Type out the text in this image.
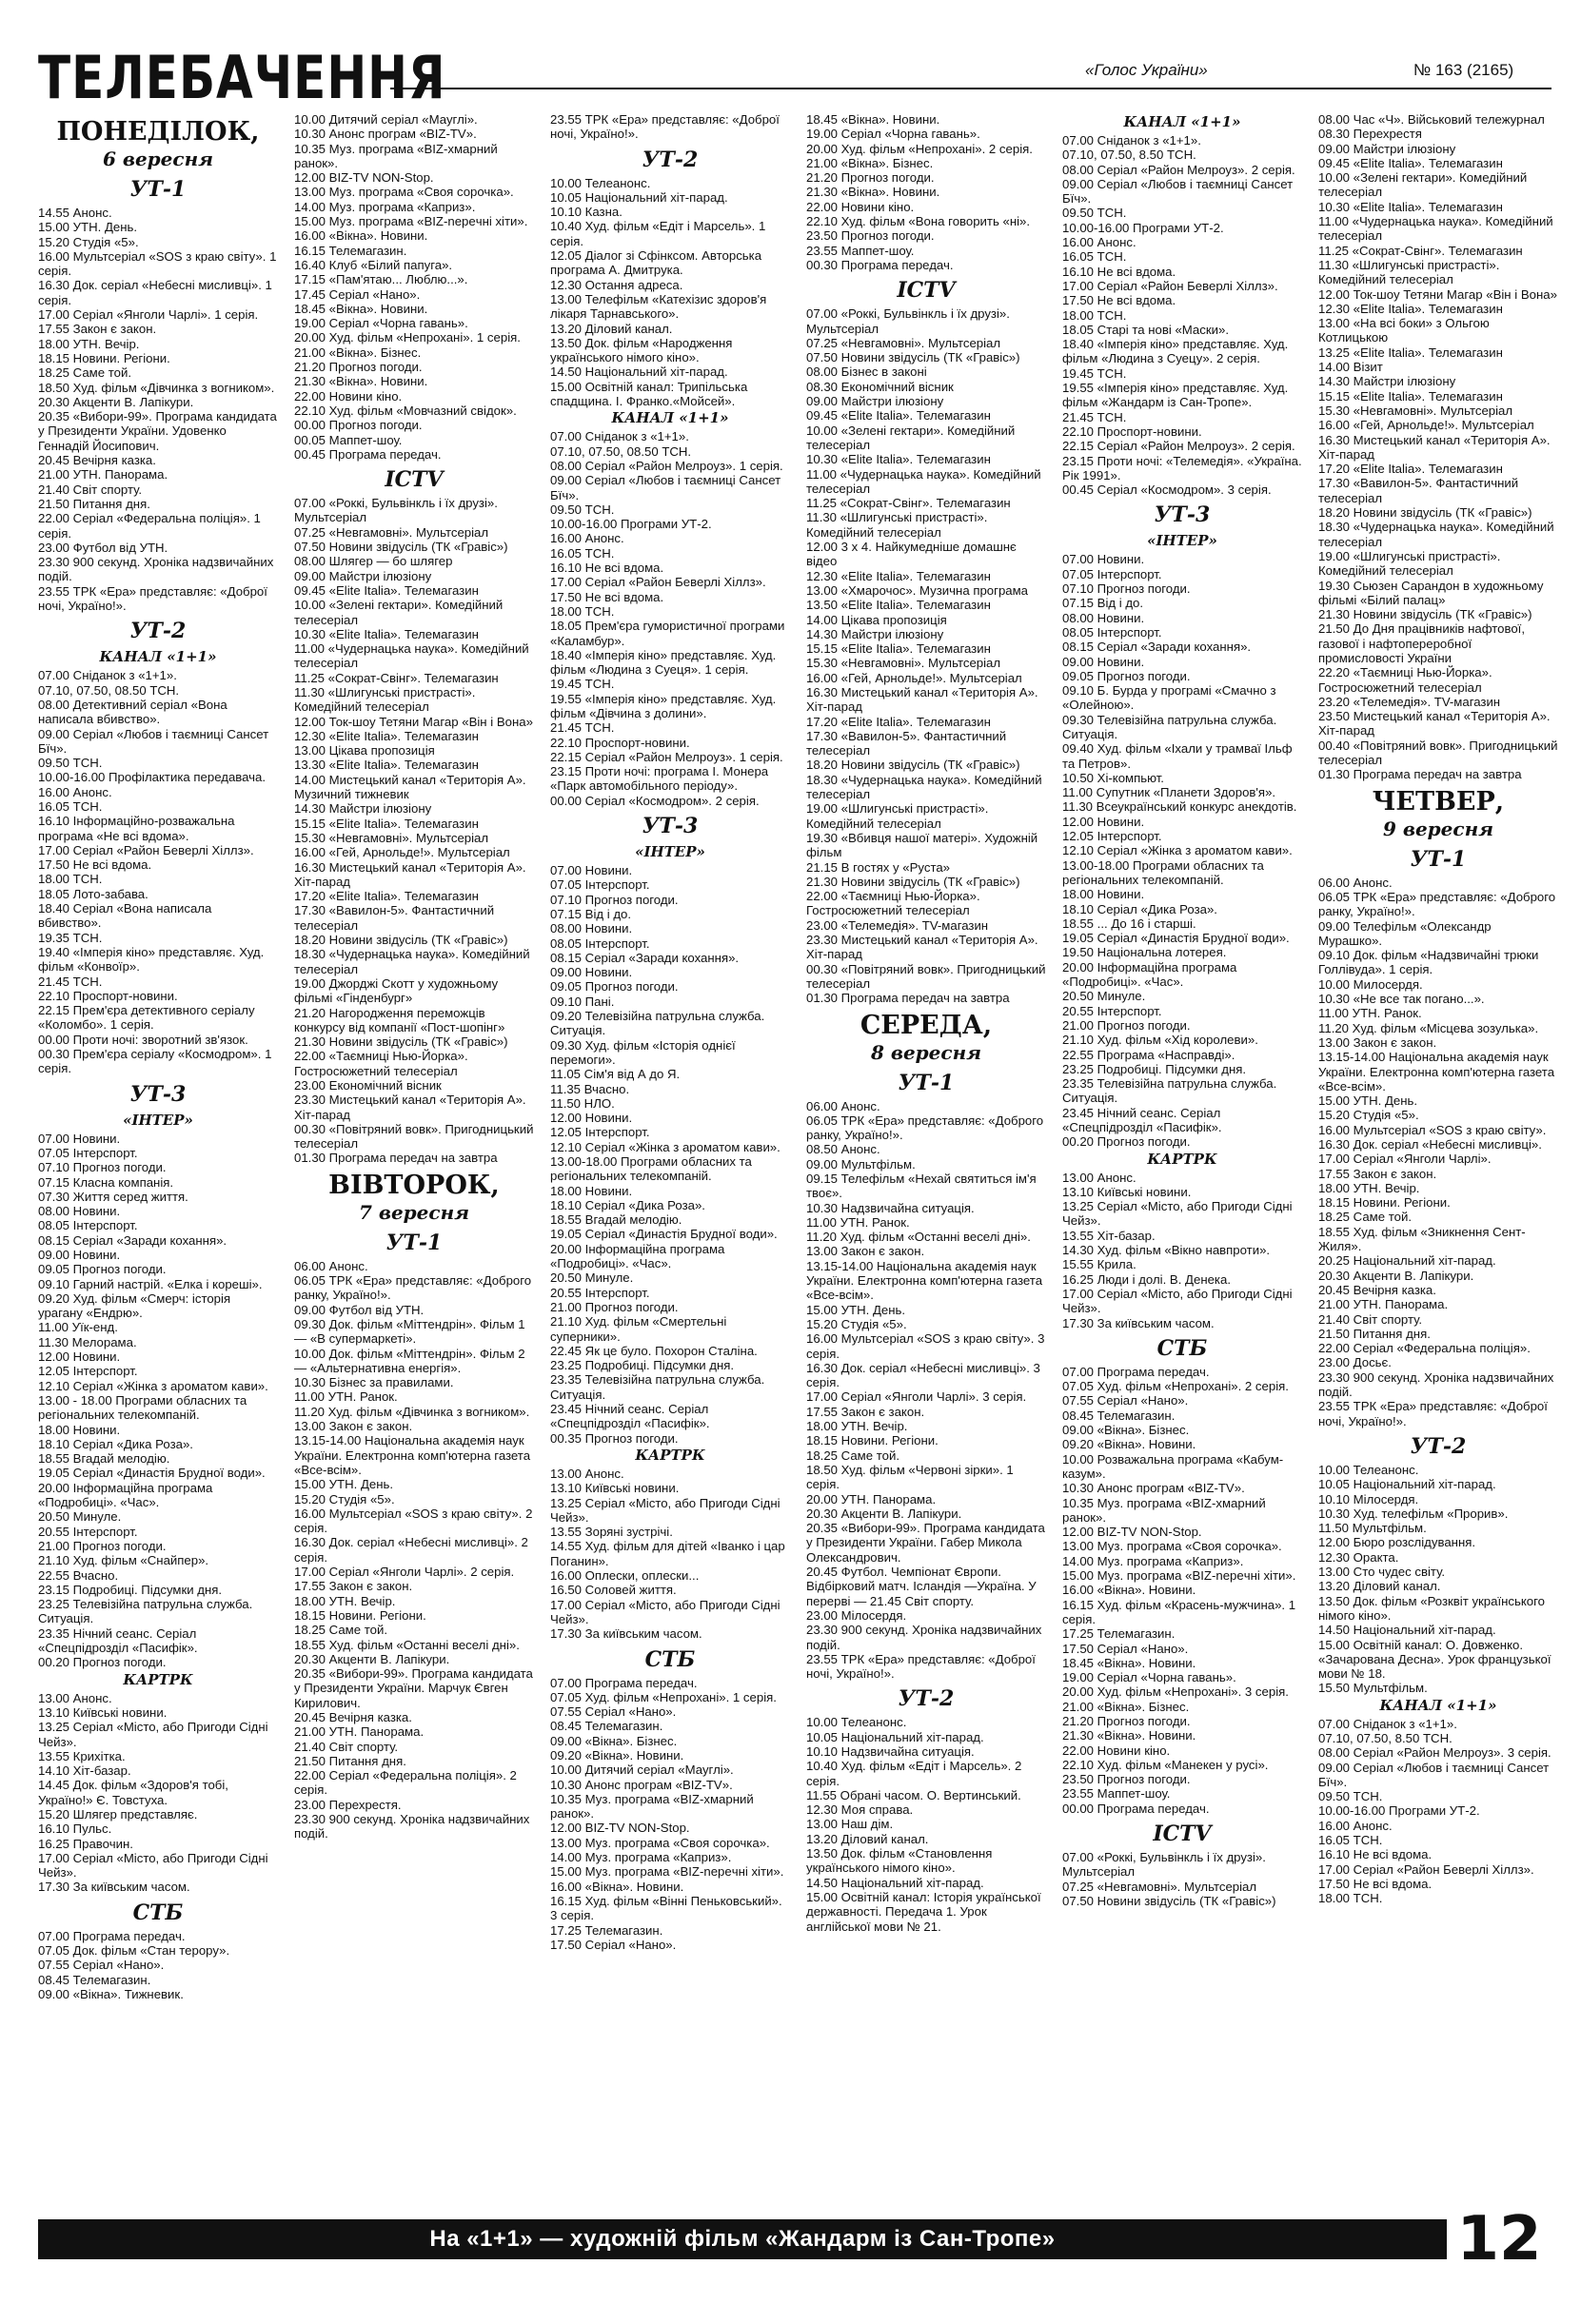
ТЕЛЕБАЧЕННЯ	«Голос України»	№ 163 (2165)
ПОНЕДІЛОК,
6 вересня
УТ-1
14.55 Анонс.
15.00 УТН. День.
15.20 Студія «5».
16.00 Мультсеріал «SOS з краю світу». 1 серія.
16.30 Док. серіал «Небесні мисливці». 1 серія.
17.00 Серіал «Янголи Чарлі». 1 серія.
17.55 Закон є закон.
18.00 УТН. Вечір.
18.15 Новини. Регіони.
18.25 Саме той.
18.50 Худ. фільм «Дівчинка з вогником».
20.30 Акценти В. Лапікури.
20.35 «Вибори-99». Програма кандидата у Президенти України. Удовенко Геннадій Йосипович.
20.45 Вечірня казка.
21.00 УТН. Панорама.
21.40 Світ спорту.
21.50 Питання дня.
22.00 Серіал «Федеральна поліція». 1 серія.
23.00 Футбол від УТН.
23.30 900 секунд. Хроніка надзвичайних подій.
23.55 ТРК «Ера» представляє: «Доброї ночі, Україно!».
УТ-2
КАНАЛ «1+1»
07.00 Сніданок з «1+1».
07.10, 07.50, 08.50 ТСН.
08.00 Детективний серіал «Вона написала вбивство».
09.00 Серіал «Любов і таємниці Сансет Бїч».
09.50 ТСН.
10.00-16.00 Профілактика передавача.
16.00 Анонс.
16.05 ТСН.
16.10 Інформаційно-розважальна програма «Не всі вдома».
17.00 Серіал «Район Беверлі Хіллз».
17.50 Не всі вдома.
18.00 ТСН.
18.05 Лото-забава.
18.40 Серіал «Вона написала вбивство».
19.35 ТСН.
19.40 «Імперія кіно» представляє. Худ. фільм «Конвоїр».
21.45 ТСН.
22.10 Проспорт-новини.
22.15 Прем'єра детективного серіалу «Коломбо». 1 серія.
00.00 Проти ночі: зворотний зв'язок.
00.30 Прем'єра серіалу «Космодром». 1 серія.
УТ-3
«ІНТЕР»
07.00 Новини.
07.05 Інтерспорт.
07.10 Прогноз погоди.
07.15 Класна компанія.
07.30 Життя серед життя.
08.00 Новини.
08.05 Інтерспорт.
08.15 Серіал «Заради кохання».
09.00 Новини.
09.05 Прогноз погоди.
09.10 Гарний настрій. «Елка і кореші».
09.20 Худ. фільм «Смерч: історія урагану «Ендрю».
11.00 Уїк-енд.
11.30 Мелорама.
12.00 Новини.
12.05 Інтерспорт.
12.10 Серіал «Жінка з ароматом кави».
13.00 - 18.00 Програми обласних та регіональних телекомпаній.
18.00 Новини.
18.10 Серіал «Дика Роза».
18.55 Вгадай мелодію.
19.05 Серіал «Династія Брудної води».
20.00 Інформаційна програма «Подробиці». «Час».
20.50 Минуле.
20.55 Інтерспорт.
21.00 Прогноз погоди.
21.10 Худ. фільм «Снайпер».
22.55 Вчасно.
23.15 Подробиці. Підсумки дня.
23.25 Телевізійна патрульна служба. Ситуація.
23.35 Нічний сеанс. Серіал «Спецпідрозділ «Пасифік».
00.20 Прогноз погоди.
КАРТРК
13.00 Анонс.
13.10 Київські новини.
13.25 Серіал «Місто, або Пригоди Сідні Чейз».
13.55 Крихітка.
14.10 Хіт-базар.
14.45 Док. фільм «Здоров'я тобі, Україно!» Є. Товстуха.
15.20 Шлягер представляє.
16.10 Пульс.
16.25 Правочин.
17.00 Серіал «Місто, або Пригоди Сідні Чейз».
17.30 За київським часом.
СТБ
07.00 Програма передач.
07.05 Док. фільм «Стан терору».
07.55 Серіал «Нано».
08.45 Телемагазин.
09.00 «Вікна». Тижневик.
10.00 Дитячий серіал «Мауглі».
10.30 Анонс програм «BIZ-TV».
10.35 Муз. програма «BIZ-хмарний ранок».
12.00 BIZ-TV NON-Stop.
13.00 Муз. програма «Своя сорочка».
14.00 Муз. програма «Каприз».
15.00 Муз. програма «BIZ-nepeчні хіти».
16.00 «Вікна». Новини.
16.15 Телемагазин.
16.40 Клуб «Білий папуга».
17.15 «Пам'ятаю... Люблю...».
17.45 Серіал «Нано».
18.45 «Вікна». Новини.
19.00 Серіал «Чорна гавань».
20.00 Худ. фільм «Непрохані». 1 серія.
21.00 «Вікна». Бізнес.
21.20 Прогноз погоди.
21.30 «Вікна». Новини.
22.00 Новини кіно.
22.10 Худ. фільм «Мовчазний свідок».
00.00 Прогноз погоди.
00.05 Маппет-шоу.
00.45 Програма передач.
ICTV
07.00 «Роккі, Бульвінкль і їх друзі». Мультсеріал
07.25 «Невгамовні». Мультсеріал
07.50 Новини звідусіль (ТК «Гравіс»)
08.00 Шлягер — бо шлягер
09.00 Майстри ілюзіону
09.45 «Elite Italia». Телемагазин
10.00 «Зелені гектари». Комедійний телесеріал
10.30 «Elite Italia». Телемагазин
11.00 «Чудернацька наука». Комедійний телесеріал
11.25 «Сократ-Свінг». Телемагазин
11.30 «Шлигунські пристрасті». Комедійний телесеріал
12.00 Ток-шоу Тетяни Магар «Він і Вона»
12.30 «Elite Italia». Телемагазин
13.00 Цікава пропозиція
13.30 «Elite Italia». Телемагазин
14.00 Мистецький канал «Територія А». Музичний тижневик
14.30 Майстри ілюзіону
15.15 «Elite Italia». Телемагазин
15.30 «Невгамовні». Мультсеріал
16.00 «Гей, Арнольде!». Мультсеріал
16.30 Мистецький канал «Територія А». Хіт-парад
17.20 «Elite Italia». Телемагазин
17.30 «Вавилон-5». Фантастичний телесеріал
18.20 Новини звідусіль (ТК «Гравіс»)
18.30 «Чудернацька наука». Комедійний телесеріал
19.00 Джорджі Скотт у художньому фільмі «Гінденбург»
21.20 Нагородження переможців конкурсу від компанії «Пост-шопінг»
21.30 Новини звідусіль (ТК «Гравіс»)
22.00 «Таємниці Нью-Йорка». Гостросюжетний телесеріал
23.00 Економічний вісник
23.30 Мистецький канал «Територія А». Хіт-парад
00.30 «Повітряний вовк». Пригодницький телесеріал
01.30 Програма передач на завтра
ВІВТОРОК,
7 вересня
УТ-1
06.00 Анонс.
06.05 ТРК «Ера» представляє: «Доброго ранку, Україно!».
09.00 Футбол від УТН.
09.30 Док. фільм «Міттендрін». Фільм 1 — «В супермаркеті».
10.00 Док. фільм «Міттендрін». Фільм 2 — «Альтернативна енергія».
10.30 Бізнес за правилами.
11.00 УТН. Ранок.
11.20 Худ. фільм «Дівчинка з вогником».
13.00 Закон є закон.
13.15-14.00 Національна академія наук України. Електронна комп'ютерна газета «Все-всім».
15.00 УТН. День.
15.20 Студія «5».
16.00 Мультсеріал «SOS з краю світу». 2 серія.
16.30 Док. серіал «Небесні мисливці». 2 серія.
17.00 Серіал «Янголи Чарлі». 2 серія.
17.55 Закон є закон.
18.00 УТН. Вечір.
18.15 Новини. Регіони.
18.25 Саме той.
18.55 Худ. фільм «Останні веселі дні».
20.30 Акценти В. Лапікури.
20.35 «Вибори-99». Програма кандидата у Президенти України. Марчук Євген Кирилович.
20.45 Вечірня казка.
21.00 УТН. Панорама.
21.40 Світ спорту.
21.50 Питання дня.
22.00 Серіал «Федеральна поліція». 2 серія.
23.00 Перехрестя.
23.30 900 секунд. Хроніка надзвичайних подій.
23.55 ТРК «Ера» представляє: «Доброї ночі, Україно!».
УТ-2
10.00 Телеанонс.
10.05 Національний хіт-парад.
10.10 Казна.
10.40 Худ. фільм «Едіт і Марсель». 1 серія.
12.05 Діалог зі Сфінксом. Авторська програма А. Дмитрука.
12.30 Остання адреса.
13.00 Телефільм «Катехізис здоров'я лікаря Тарнавського».
13.20 Діловий канал.
13.50 Док. фільм «Народження українського німого кіно».
14.50 Національний хіт-парад.
15.00 Освітній канал: Трипільська спадщина. І. Франко.«Мойсей».
КАНАЛ «1+1»
07.00 Сніданок з «1+1».
07.10, 07.50, 08.50 ТСН.
08.00 Серіал «Район Мелроуз». 1 серія.
09.00 Серіал «Любов і таємниці Сансет Бїч».
09.50 ТСН.
10.00-16.00 Програми УТ-2.
16.00 Анонс.
16.05 ТСН.
16.10 Не всі вдома.
17.00 Серіал «Район Беверлі Хіллз».
17.50 Не всі вдома.
18.00 ТСН.
18.05 Прем'єра гумористичної програми «Каламбур».
18.40 «Імперія кіно» представляє. Худ. фільм «Людина з Суеця». 1 серія.
19.45 ТСН.
19.55 «Імперія кіно» представляє. Худ. фільм «Дівчина з долини».
21.45 ТСН.
22.10 Проспорт-новини.
22.15 Серіал «Район Мелроуз». 1 серія.
23.15 Проти ночі: програма І. Монера «Парк автомобільного періоду».
00.00 Серіал «Космодром». 2 серія.
УТ-3
«ІНТЕР»
07.00 Новини.
07.05 Інтерспорт.
07.10 Прогноз погоди.
07.15 Від і до.
08.00 Новини.
08.05 Інтерспорт.
08.15 Серіал «Заради кохання».
09.00 Новини.
09.05 Прогноз погоди.
09.10 Пані.
09.20 Телевізійна патрульна служба. Ситуація.
09.30 Худ. фільм «Історія однієї перемоги».
11.05 Сім'я від А до Я.
11.35 Вчасно.
11.50 НЛО.
12.00 Новини.
12.05 Інтерспорт.
12.10 Серіал «Жінка з ароматом кави».
13.00-18.00 Програми обласних та регіональних телекомпаній.
18.00 Новини.
18.10 Серіал «Дика Роза».
18.55 Вгадай мелодію.
19.05 Серіал «Династія Брудної води».
20.00 Інформаційна програма «Подробиці». «Час».
20.50 Минуле.
20.55 Інтерспорт.
21.00 Прогноз погоди.
21.10 Худ. фільм «Смертельні суперники».
22.45 Як це було. Похорон Сталіна.
23.25 Подробиці. Підсумки дня.
23.35 Телевізійна патрульна служба. Ситуація.
23.45 Нічний сеанс. Серіал «Спецпідрозділ «Пасифік».
00.35 Прогноз погоди.
КАРТРК
13.00 Анонс.
13.10 Київські новини.
13.25 Серіал «Місто, або Пригоди Сідні Чейз».
13.55 Зоряні зустрічі.
14.55 Худ. фільм для дітей «Іванко і цар Поганин».
16.00 Оплески, оплески...
16.50 Соловей життя.
17.00 Серіал «Місто, або Пригоди Сідні Чейз».
17.30 За київським часом.
СТБ
07.00 Програма передач.
07.05 Худ. фільм «Непрохані». 1 серія.
07.55 Серіал «Нано».
08.45 Телемагазин.
09.00 «Вікна». Бізнес.
09.20 «Вікна». Новини.
10.00 Дитячий серіал «Мауглі».
10.30 Анонс програм «BIZ-TV».
10.35 Муз. програма «BIZ-хмарний ранок».
12.00 BIZ-TV NON-Stop.
13.00 Муз. програма «Своя сорочка».
14.00 Муз. програма «Каприз».
15.00 Муз. програма «BIZ-nepeчні хіти».
16.00 «Вікна». Новини.
16.15 Худ. фільм «Вінні Пеньковський». 3 серія.
17.25 Телемагазин.
17.50 Серіал «Нано».
18.45 «Вікна». Новини.
19.00 Серіал «Чорна гавань».
20.00 Худ. фільм «Непрохані». 2 серія.
21.00 «Вікна». Бізнес.
21.20 Прогноз погоди.
21.30 «Вікна». Новини.
22.00 Новини кіно.
22.10 Худ. фільм «Вона говорить «ні».
23.50 Прогноз погоди.
23.55 Маппет-шоу.
00.30 Програма передач.
ICTV
07.00 «Роккі, Бульвінкль і їх друзі». Мультсеріал
07.25 «Невгамовні». Мультсеріал
07.50 Новини звідусіль (ТК «Гравіс»)
08.00 Бізнес в законі
08.30 Економічний вісник
09.00 Майстри ілюзіону
09.45 «Elite Italia». Телемагазин
10.00 «Зелені гектари». Комедійний телесеріал
10.30 «Elite Italia». Телемагазин
11.00 «Чудернацька наука». Комедійний телесеріал
11.25 «Сократ-Свінг». Телемагазин
11.30 «Шлигунські пристрасті». Комедійний телесеріал
12.00 3 х 4. Найкумедніше домашнє відео
12.30 «Elite Italia». Телемагазин
13.00 «Хмарочос». Музична програма
13.50 «Elite Italia». Телемагазин
14.00 Цікава пропозиція
14.30 Майстри ілюзіону
15.15 «Elite Italia». Телемагазин
15.30 «Невгамовні». Мультсеріал
16.00 «Гей, Арнольде!». Мультсеріал
16.30 Мистецький канал «Територія А». Хіт-парад
17.20 «Elite Italia». Телемагазин
17.30 «Вавилон-5». Фантастичний телесеріал
18.20 Новини звідусіль (ТК «Гравіс»)
18.30 «Чудернацька наука». Комедійний телесеріал
19.00 «Шлигунські пристрасті». Комедійний телесеріал
19.30 «Вбивця нашої матері». Художній фільм
21.15 В гостях у «Руста»
21.30 Новини звідусіль (ТК «Гравіс»)
22.00 «Таємниці Нью-Йорка». Гостросюжетний телесеріал
23.00 «Телемедія». TV-магазин
23.30 Мистецький канал «Територія А». Хіт-парад
00.30 «Повітряний вовк». Пригодницький телесеріал
01.30 Програма передач на завтра
СЕРЕДА,
8 вересня
УТ-1
06.00 Анонс.
06.05 ТРК «Ера» представляє: «Доброго ранку, Україно!».
08.50 Анонс.
09.00 Мультфільм.
09.15 Телефільм «Нехай святиться ім'я твоє».
10.30 Надзвичайна ситуація.
11.00 УТН. Ранок.
11.20 Худ. фільм «Останні веселі дні».
13.00 Закон є закон.
13.15-14.00 Національна академія наук України. Електронна комп'ютерна газета «Все-всім».
15.00 УТН. День.
15.20 Студія «5».
16.00 Мультсеріал «SOS з краю світу». 3 серія.
16.30 Док. серіал «Небесні мисливці». 3 серія.
17.00 Серіал «Янголи Чарлі». 3 серія.
17.55 Закон є закон.
18.00 УТН. Вечір.
18.15 Новини. Регіони.
18.25 Саме той.
18.50 Худ. фільм «Червоні зірки». 1 серія.
20.00 УТН. Панорама.
20.30 Акценти В. Лапікури.
20.35 «Вибори-99». Програма кандидата у Президенти України. Габер Микола Олександрович.
20.45 Футбол. Чемпіонат Європи. Відбірковий матч. Ісландія —Україна. У перерві — 21.45 Світ спорту.
23.00 Мілосердя.
23.30 900 секунд. Хроніка надзвичайних подій.
23.55 ТРК «Ера» представляє: «Доброї ночі, Україно!».
УТ-2
10.00 Телеанонс.
10.05 Національний хіт-парад.
10.10 Надзвичайна ситуація.
10.40 Худ. фільм «Едіт і Марсель». 2 серія.
11.55 Обрані часом. О. Вертинський.
12.30 Моя справа.
13.00 Наш дім.
13.20 Діловий канал.
13.50 Док. фільм «Становлення українського німого кіно».
14.50 Національний хіт-парад.
15.00 Освітній канал: Історія української державності. Передача 1. Урок англійської мови № 21.
КАНАЛ «1+1»
07.00 Сніданок з «1+1».
07.10, 07.50, 8.50 ТСН.
08.00 Серіал «Район Мелроуз». 2 серія.
09.00 Серіал «Любов і таємниці Сансет Бїч».
09.50 ТСН.
10.00-16.00 Програми УТ-2.
16.00 Анонс.
16.05 ТСН.
16.10 Не всі вдома.
17.00 Серіал «Район Беверлі Хіллз».
17.50 Не всі вдома.
18.00 ТСН.
18.05 Старі та нові «Маски».
18.40 «Імперія кіно» представляє. Худ. фільм «Людина з Суецу». 2 серія.
19.45 ТСН.
19.55 «Імперія кіно» представляє. Худ. фільм «Жандарм із Сан-Тропе».
21.45 ТСН.
22.10 Проспорт-новини.
22.15 Серіал «Район Мелроуз». 2 серія.
23.15 Проти ночі: «Телемедія». «Україна. Рік 1991».
00.45 Серіал «Космодром». 3 серія.
УТ-3
«ІНТЕР»
07.00 Новини.
07.05 Інтерспорт.
07.10 Прогноз погоди.
07.15 Від і до.
08.00 Новини.
08.05 Інтерспорт.
08.15 Серіал «Заради кохання».
09.00 Новини.
09.05 Прогноз погоди.
09.10 Б. Бурда у програмі «Смачно з «Олейною».
09.30 Телевізійна патрульна служба. Ситуація.
09.40 Худ. фільм «Іхали у трамваї Ільф та Петров».
10.50 Хі-компьют.
11.00 Супутник «Планети Здоров'я».
11.30 Всеукраїнський конкурс анекдотів.
12.00 Новини.
12.05 Інтерспорт.
12.10 Серіал «Жінка з ароматом кави».
13.00-18.00 Програми обласних та регіональних телекомпаній.
18.00 Новини.
18.10 Серіал «Дика Роза».
18.55 ... До 16 і старші.
19.05 Серіал «Династія Брудної води».
19.50 Національна лотерея.
20.00 Інформаційна програма «Подробиці». «Час».
20.50 Минуле.
20.55 Інтерспорт.
21.00 Прогноз погоди.
21.10 Худ. фільм «Хід королеви».
22.55 Програма «Насправді».
23.25 Подробиці. Підсумки дня.
23.35 Телевізійна патрульна служба. Ситуація.
23.45 Нічний сеанс. Серіал «Спецпідрозділ «Пасифік».
00.20 Прогноз погоди.
КАРТРК
13.00 Анонс.
13.10 Київські новини.
13.25 Серіал «Місто, або Пригоди Сідні Чейз».
13.55 Хіт-базар.
14.30 Худ. фільм «Вікно навпроти».
15.55 Крила.
16.25 Люди і долі. В. Денека.
17.00 Серіал «Місто, або Пригоди Сідні Чейз».
17.30 За київським часом.
СТБ
07.00 Програма передач.
07.05 Худ. фільм «Непрохані». 2 серія.
07.55 Серіал «Нано».
08.45 Телемагазин.
09.00 «Вікна». Бізнес.
09.20 «Вікна». Новини.
10.00 Розважальна програма «Кабум-казум».
10.30 Анонс програм «BIZ-TV».
10.35 Муз. програма «BIZ-хмарний ранок».
12.00 BIZ-TV NON-Stop.
13.00 Муз. програма «Своя сорочка».
14.00 Муз. програма «Каприз».
15.00 Муз. програма «BIZ-nepeчні хіти».
16.00 «Вікна». Новини.
16.15 Худ. фільм «Красень-мужчина». 1 серія.
17.25 Телемагазин.
17.50 Серіал «Нано».
18.45 «Вікна». Новини.
19.00 Серіал «Чорна гавань».
20.00 Худ. фільм «Непрохані». 3 серія.
21.00 «Вікна». Бізнес.
21.20 Прогноз погоди.
21.30 «Вікна». Новини.
22.00 Новини кіно.
22.10 Худ. фільм «Манекен у русі».
23.50 Прогноз погоди.
23.55 Маппет-шоу.
00.00 Програма передач.
ICTV
07.00 «Роккі, Бульвінкль і їх друзі». Мультсеріал
07.25 «Невгамовні». Мультсеріал
07.50 Новини звідусіль (ТК «Гравіс»)
08.00 Час «Ч». Військовий тележурнал
08.30 Перехрестя
09.00 Майстри ілюзіону
09.45 «Elite Italia». Телемагазин
10.00 «Зелені гектари». Комедійний телесеріал
10.30 «Elite Italia». Телемагазин
11.00 «Чудернацька наука». Комедійний телесеріал
11.25 «Сократ-Свінг». Телемагазин
11.30 «Шлигунські пристрасті». Комедійний телесеріал
12.00 Ток-шоу Тетяни Магар «Він і Вона»
12.30 «Elite Italia». Телемагазин
13.00 «На всі боки» з Ольгою Котлицькою
13.25 «Elite Italia». Телемагазин
14.00 Візит
14.30 Майстри ілюзіону
15.15 «Elite Italia». Телемагазин
15.30 «Невгамовні». Мультсеріал
16.00 «Гей, Арнольде!». Мультсеріал
16.30 Мистецький канал «Територія А». Хіт-парад
17.20 «Elite Italia». Телемагазин
17.30 «Вавилон-5». Фантастичний телесеріал
18.20 Новини звідусіль (ТК «Гравіс»)
18.30 «Чудернацька наука». Комедійний телесеріал
19.00 «Шлигунські пристрасті». Комедійний телесеріал
19.30 Сьюзен Сарандон в художньому фільмі «Білий палац»
21.30 Новини звідусіль (ТК «Гравіс»)
21.50 До Дня працівників нафтової, газової і нафтопереробної промисловості України
22.20 «Таємниці Нью-Йорка». Гостросюжетний телесеріал
23.20 «Телемедія». TV-магазин
23.50 Мистецький канал «Територія А». Хіт-парад
00.40 «Повітряний вовк». Пригодницький телесеріал
01.30 Програма передач на завтра
ЧЕТВЕР,
9 вересня
УТ-1
06.00 Анонс.
06.05 ТРК «Ера» представляє: «Доброго ранку, Україно!».
09.00 Телефільм «Олександр Мурашко».
09.10 Док. фільм «Надзвичайні трюки Голлівуда». 1 серія.
10.00 Милосердя.
10.30 «Не все так погано...».
11.00 УТН. Ранок.
11.20 Худ. фільм «Місцева зозулька».
13.00 Закон є закон.
13.15-14.00 Національна академія наук України. Електронна комп'ютерна газета «Все-всім».
15.00 УТН. День.
15.20 Студія «5».
16.00 Мультсеріал «SOS з краю світу».
16.30 Док. серіал «Небесні мисливці».
17.00 Серіал «Янголи Чарлі».
17.55 Закон є закон.
18.00 УТН. Вечір.
18.15 Новини. Регіони.
18.25 Саме той.
18.55 Худ. фільм «Зникнення Сент-Жиля».
20.25 Національний хіт-парад.
20.30 Акценти В. Лапікури.
20.45 Вечірня казка.
21.00 УТН. Панорама.
21.40 Світ спорту.
21.50 Питання дня.
22.00 Серіал «Федеральна поліція».
23.00 Досьє.
23.30 900 секунд. Хроніка надзвичайних подій.
23.55 ТРК «Ера» представляє: «Доброї ночі, Україно!».
УТ-2
10.00 Телеанонс.
10.05 Національний хіт-парад.
10.10 Мілосердя.
10.30 Худ. телефільм «Прорив».
11.50 Мультфільм.
12.00 Бюро розслідування.
12.30 Оракта.
13.00 Сто чудес світу.
13.20 Діловий канал.
13.50 Док. фільм «Розквіт українського німого кіно».
14.50 Національний хіт-парад.
15.00 Освітній канал: О. Довженко. «Зачарована Десна». Урок французької мови № 18.
15.50 Мультфільм.
КАНАЛ «1+1»
07.00 Сніданок з «1+1».
07.10, 07.50, 8.50 ТСН.
08.00 Серіал «Район Мелроуз». 3 серія.
09.00 Серіал «Любов і таємниці Сансет Бїч».
09.50 ТСН.
10.00-16.00 Програми УТ-2.
16.00 Анонс.
16.05 ТСН.
16.10 Не всі вдома.
17.00 Серіал «Район Беверлі Хіллз».
17.50 Не всі вдома.
18.00 ТСН.
На «1+1» — художній фільм «Жандарм із Сан-Тропе»	12
